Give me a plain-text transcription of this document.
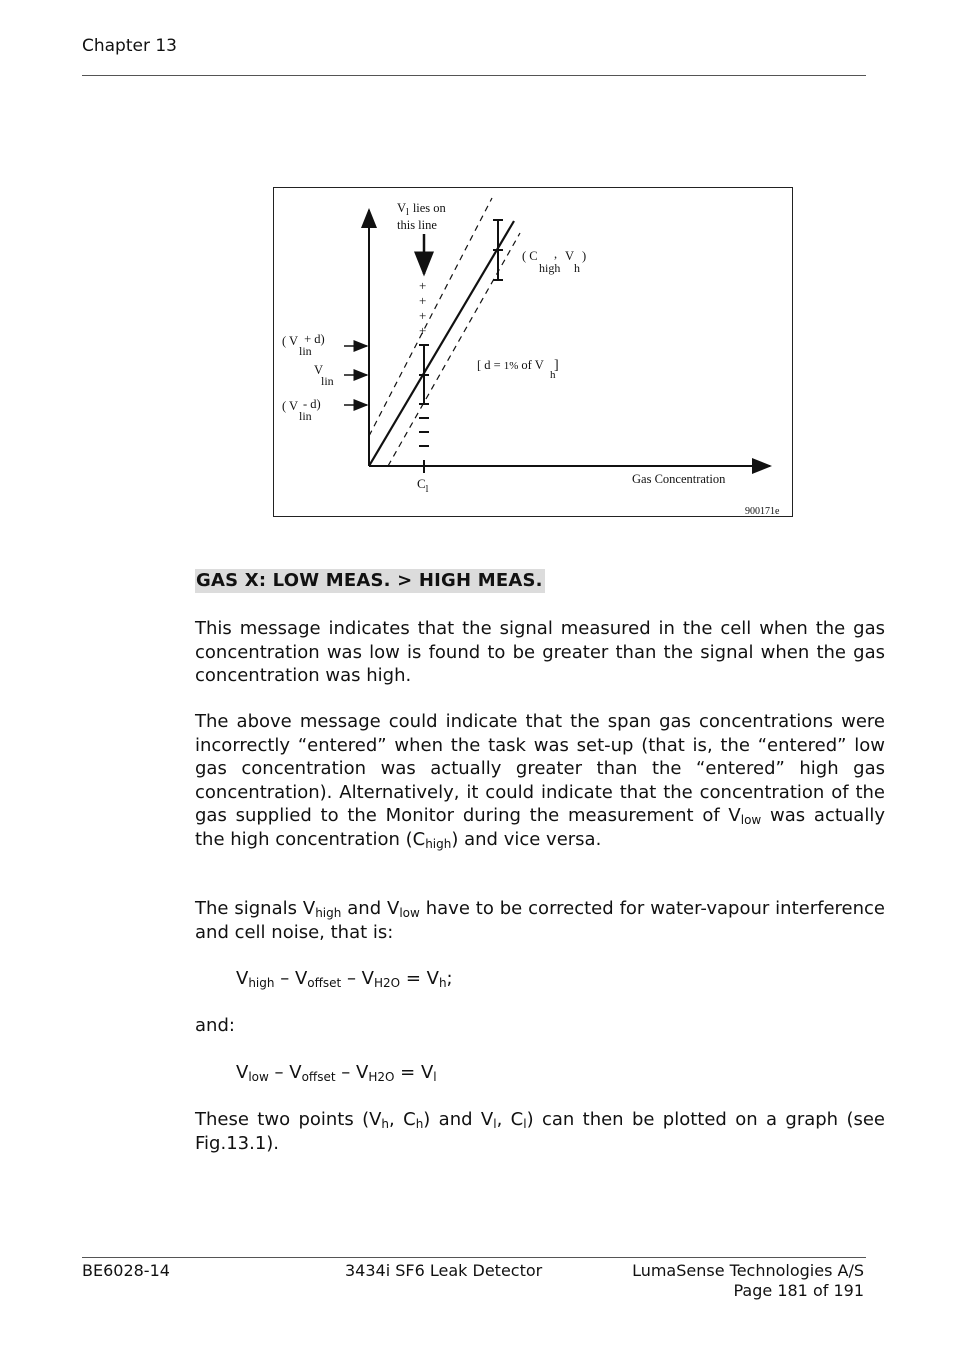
Chapter 13
+
+
+
+
$V_l$ lies on
this line
( C , V )
high h
[ d = 1% of V
h
]
( V + d)
lin
V
lin
( V - d)
lin
$C_l$
Gas Concentration
900171e
GAS X: LOW MEAS. > HIGH MEAS.
This message indicates that the signal measured in the cell when the gas concentration was low is found to be greater than the signal when the gas concentration was high.
The above message could indicate that the span gas concentrations were incorrectly “entered” when the task was set-up (that is, the “entered” low gas concentration was actually greater than the “entered” high gas concentration). Alternatively, it could indicate that the concentration of the gas supplied to the Monitor during the measurement of $V_{low}$ was actually the high concentration $(C_{high})$ and vice versa.
The signals $V_{high}$ and $V_{low}$ have to be corrected for water-vapour interference and cell noise, that is:
$V_{high} - V_{offset} - V_{H2O} = V_h$;
and:
$V_{low} - V_{offset} - V_{H2O} = V_l$
These two points ($V_h$, $C_h$) and $V_l$, $C_l$) can then be plotted on a graph (see Fig.13.1).
BE6028-14	3434i SF6 Leak Detector	LumaSense Technologies A/S
Page 181 of 191
